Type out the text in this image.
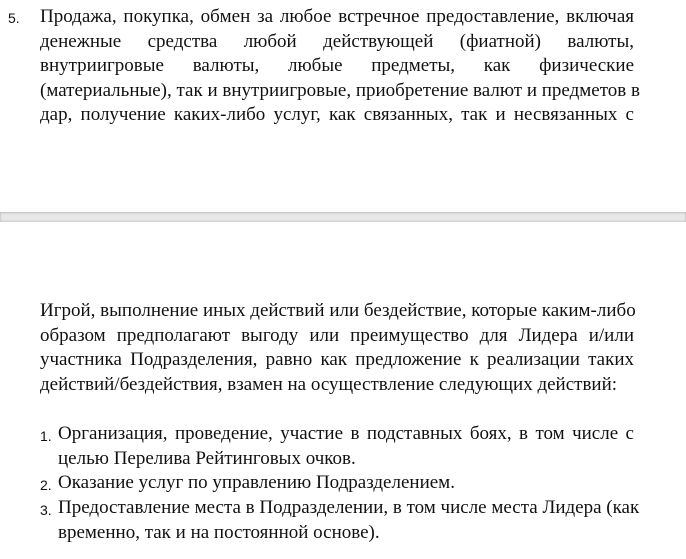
5. Продажа, покупка, обмен за любое встречное предоставление, включая
денежные средства любой действующей (фиатной) валюты,
внутриигровые валюты, любые предметы, как физические
(материальные), так и внутриигровые, приобретение валют и предметов в
дар, получение каких-либо услуг, как связанных, так и несвязанных с
Игрой, выполнение иных действий или бездействие, которые каким-либо
образом предполагают выгоду или преимущество для Лидера и/или
участника Подразделения, равно как предложение к реализации таких
действий/бездействия, взамен на осуществление следующих действий:
1. Организация, проведение, участие в подставных боях, в том числе с
целью Перелива Рейтинговых очков.
2. Оказание услуг по управлению Подразделением.
3. Предоставление места в Подразделении, в том числе места Лидера (как
временно, так и на постоянной основе).
